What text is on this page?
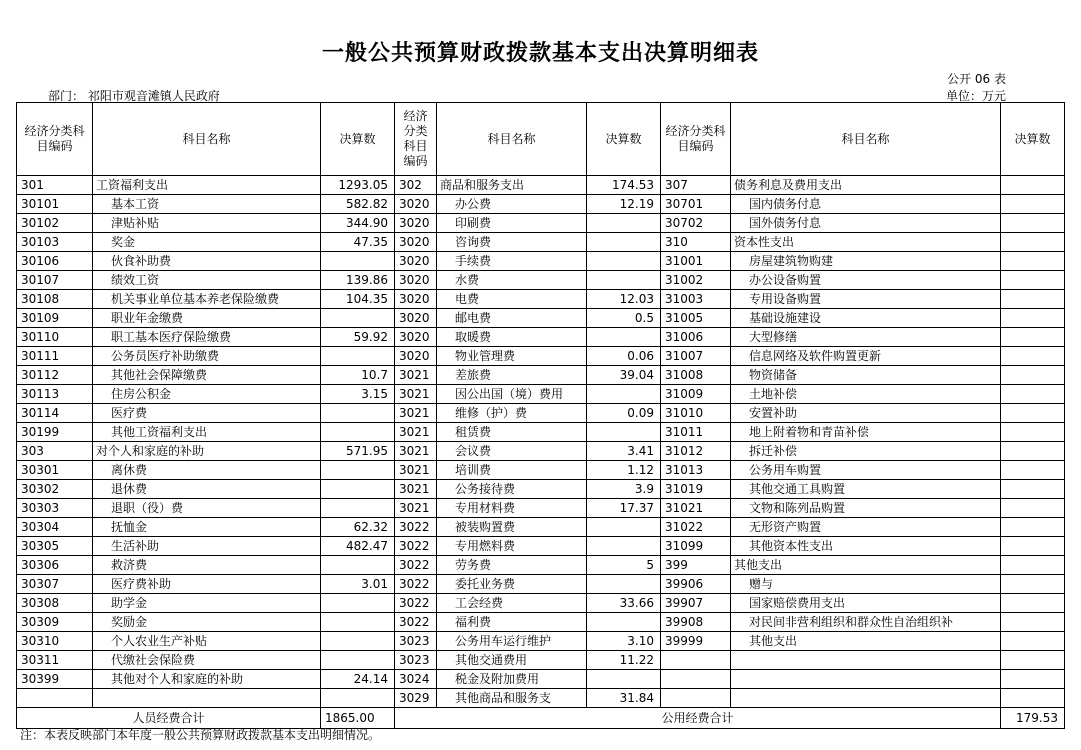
一般公共预算财政拨款基本支出决算明细表
公开 06 表
部门： 祁阳市观音滩镇人民政府	单位：万元
经济分类科目编码	科目名称	决算数	经济分类科目编码	科目名称	决算数	经济分类科目编码	科目名称	决算数
301	工资福利支出	1293.05	302	商品和服务支出	174.53	307	债务利息及费用支出	
30101	基本工资	582.82	3020	办公费	12.19	30701	国内债务付息	
30102	津贴补贴	344.90	3020	印刷费		30702	国外债务付息	
30103	奖金	47.35	3020	咨询费		310	资本性支出	
30106	伙食补助费		3020	手续费		31001	房屋建筑物购建	
30107	绩效工资	139.86	3020	水费		31002	办公设备购置	
30108	机关事业单位基本养老保险缴费	104.35	3020	电费	12.03	31003	专用设备购置	
30109	职业年金缴费		3020	邮电费	0.5	31005	基础设施建设	
30110	职工基本医疗保险缴费	59.92	3020	取暖费		31006	大型修缮	
30111	公务员医疗补助缴费		3020	物业管理费	0.06	31007	信息网络及软件购置更新	
30112	其他社会保障缴费	10.7	3021	差旅费	39.04	31008	物资储备	
30113	住房公积金	3.15	3021	因公出国（境）费用		31009	土地补偿	
30114	医疗费		3021	维修（护）费	0.09	31010	安置补助	
30199	其他工资福利支出		3021	租赁费		31011	地上附着物和青苗补偿	
303	对个人和家庭的补助	571.95	3021	会议费	3.41	31012	拆迁补偿	
30301	离休费		3021	培训费	1.12	31013	公务用车购置	
30302	退休费		3021	公务接待费	3.9	31019	其他交通工具购置	
30303	退职（役）费		3021	专用材料费	17.37	31021	文物和陈列品购置	
30304	抚恤金	62.32	3022	被装购置费		31022	无形资产购置	
30305	生活补助	482.47	3022	专用燃料费		31099	其他资本性支出	
30306	救济费		3022	劳务费	5	399	其他支出	
30307	医疗费补助	3.01	3022	委托业务费		39906	赠与	
30308	助学金		3022	工会经费	33.66	39907	国家赔偿费用支出	
30309	奖励金		3022	福利费		39908	对民间非营利组织和群众性自治组织补	
30310	个人农业生产补贴		3023	公务用车运行维护	3.10	39999	其他支出	
30311	代缴社会保险费		3023	其他交通费用	11.22			
30399	其他对个人和家庭的补助	24.14	3024	税金及附加费用				
			3029	其他商品和服务支	31.84			
人员经费合计		1865.00	公用经费合计					179.53
注：本表反映部门本年度一般公共预算财政拨款基本支出明细情况。
